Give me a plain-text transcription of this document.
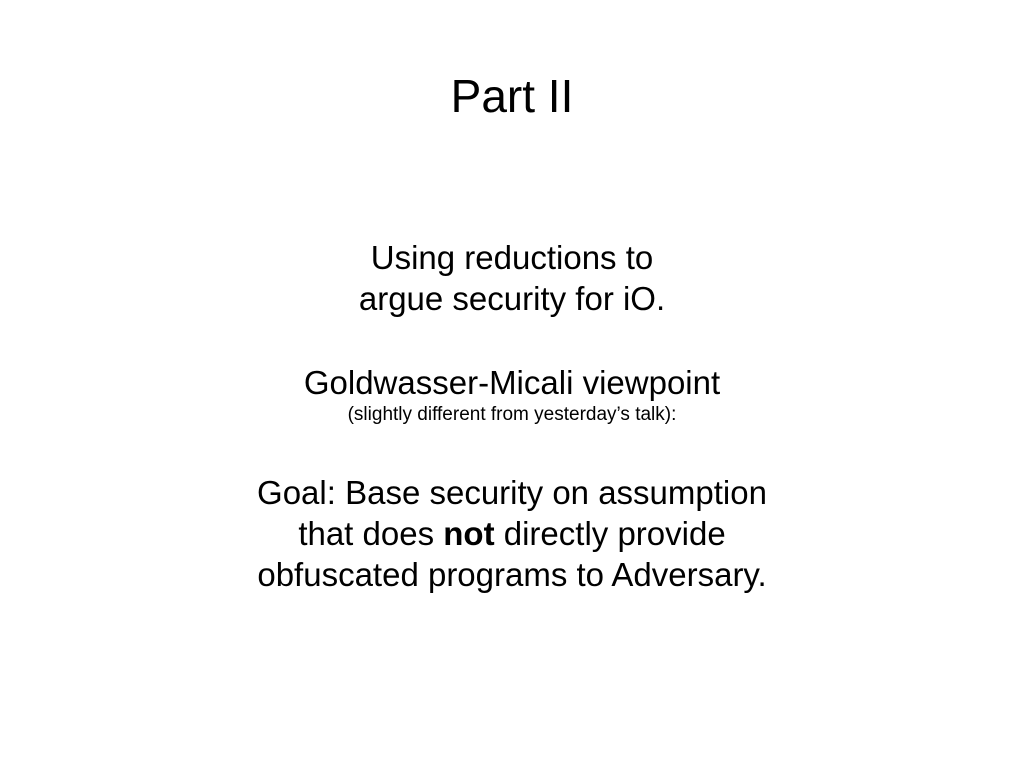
Part II
Using reductions to
argue security for iO.
Goldwasser-Micali viewpoint
(slightly different from yesterday’s talk):
Goal: Base security on assumption
that does not directly provide
obfuscated programs to Adversary.
